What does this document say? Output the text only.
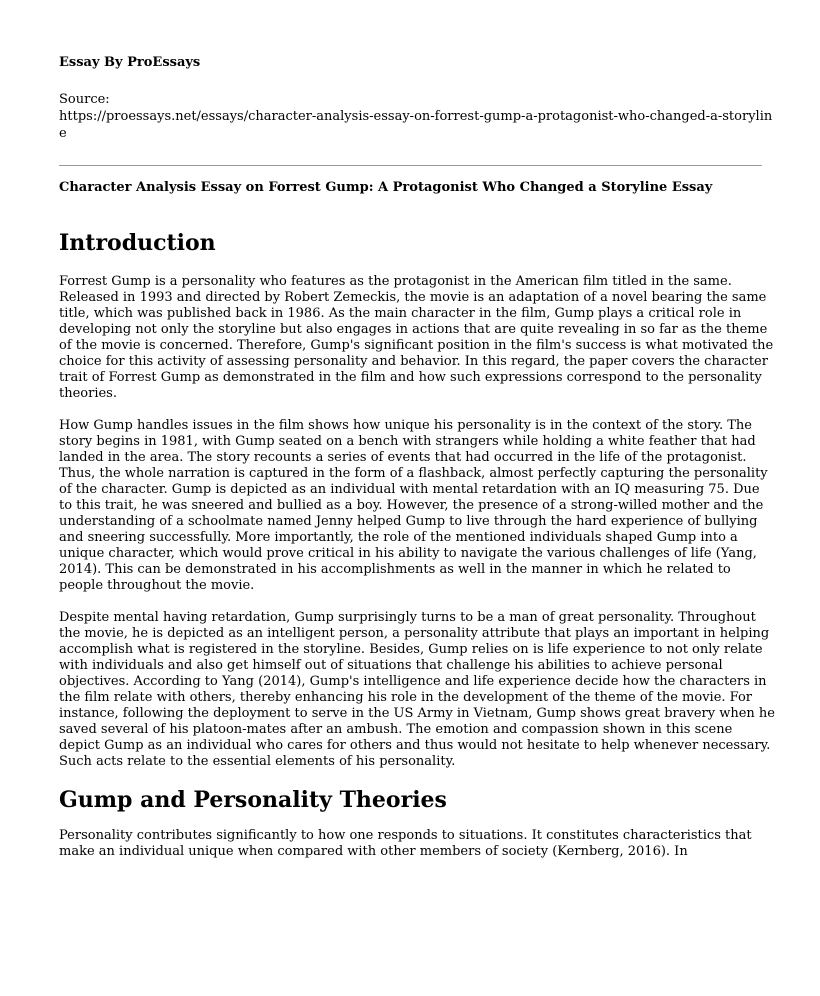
Essay By ProEssays
Source:
https://proessays.net/essays/character-analysis-essay-on-forrest-gump-a-protagonist-who-changed-a-storyline
Character Analysis Essay on Forrest Gump: A Protagonist Who Changed a Storyline Essay
Introduction

Forrest Gump is a personality who features as the protagonist in the American film titled in the same. Released in 1993 and directed by Robert Zemeckis, the movie is an adaptation of a novel bearing the same title, which was published back in 1986. As the main character in the film, Gump plays a critical role in developing not only the storyline but also engages in actions that are quite revealing in so far as the theme of the movie is concerned. Therefore, Gump's significant position in the film's success is what motivated the choice for this activity of assessing personality and behavior. In this regard, the paper covers the character trait of Forrest Gump as demonstrated in the film and how such expressions correspond to the personality theories.

How Gump handles issues in the film shows how unique his personality is in the context of the story. The story begins in 1981, with Gump seated on a bench with strangers while holding a white feather that had landed in the area. The story recounts a series of events that had occurred in the life of the protagonist. Thus, the whole narration is captured in the form of a flashback, almost perfectly capturing the personality of the character. Gump is depicted as an individual with mental retardation with an IQ measuring 75. Due to this trait, he was sneered and bullied as a boy. However, the presence of a strong-willed mother and the understanding of a schoolmate named Jenny helped Gump to live through the hard experience of bullying and sneering successfully. More importantly, the role of the mentioned individuals shaped Gump into a unique character, which would prove critical in his ability to navigate the various challenges of life (Yang, 2014). This can be demonstrated in his accomplishments as well in the manner in which he related to people throughout the movie.

Despite mental having retardation, Gump surprisingly turns to be a man of great personality. Throughout the movie, he is depicted as an intelligent person, a personality attribute that plays an important in helping accomplish what is registered in the storyline. Besides, Gump relies on is life experience to not only relate with individuals and also get himself out of situations that challenge his abilities to achieve personal objectives. According to Yang (2014), Gump's intelligence and life experience decide how the characters in the film relate with others, thereby enhancing his role in the development of the theme of the movie. For instance, following the deployment to serve in the US Army in Vietnam, Gump shows great bravery when he saved several of his platoon-mates after an ambush. The emotion and compassion shown in this scene depict Gump as an individual who cares for others and thus would not hesitate to help whenever necessary. Such acts relate to the essential elements of his personality.

Gump and Personality Theories

Personality contributes significantly to how one responds to situations. It constitutes characteristics that make an individual unique when compared with other members of society (Kernberg, 2016). In
